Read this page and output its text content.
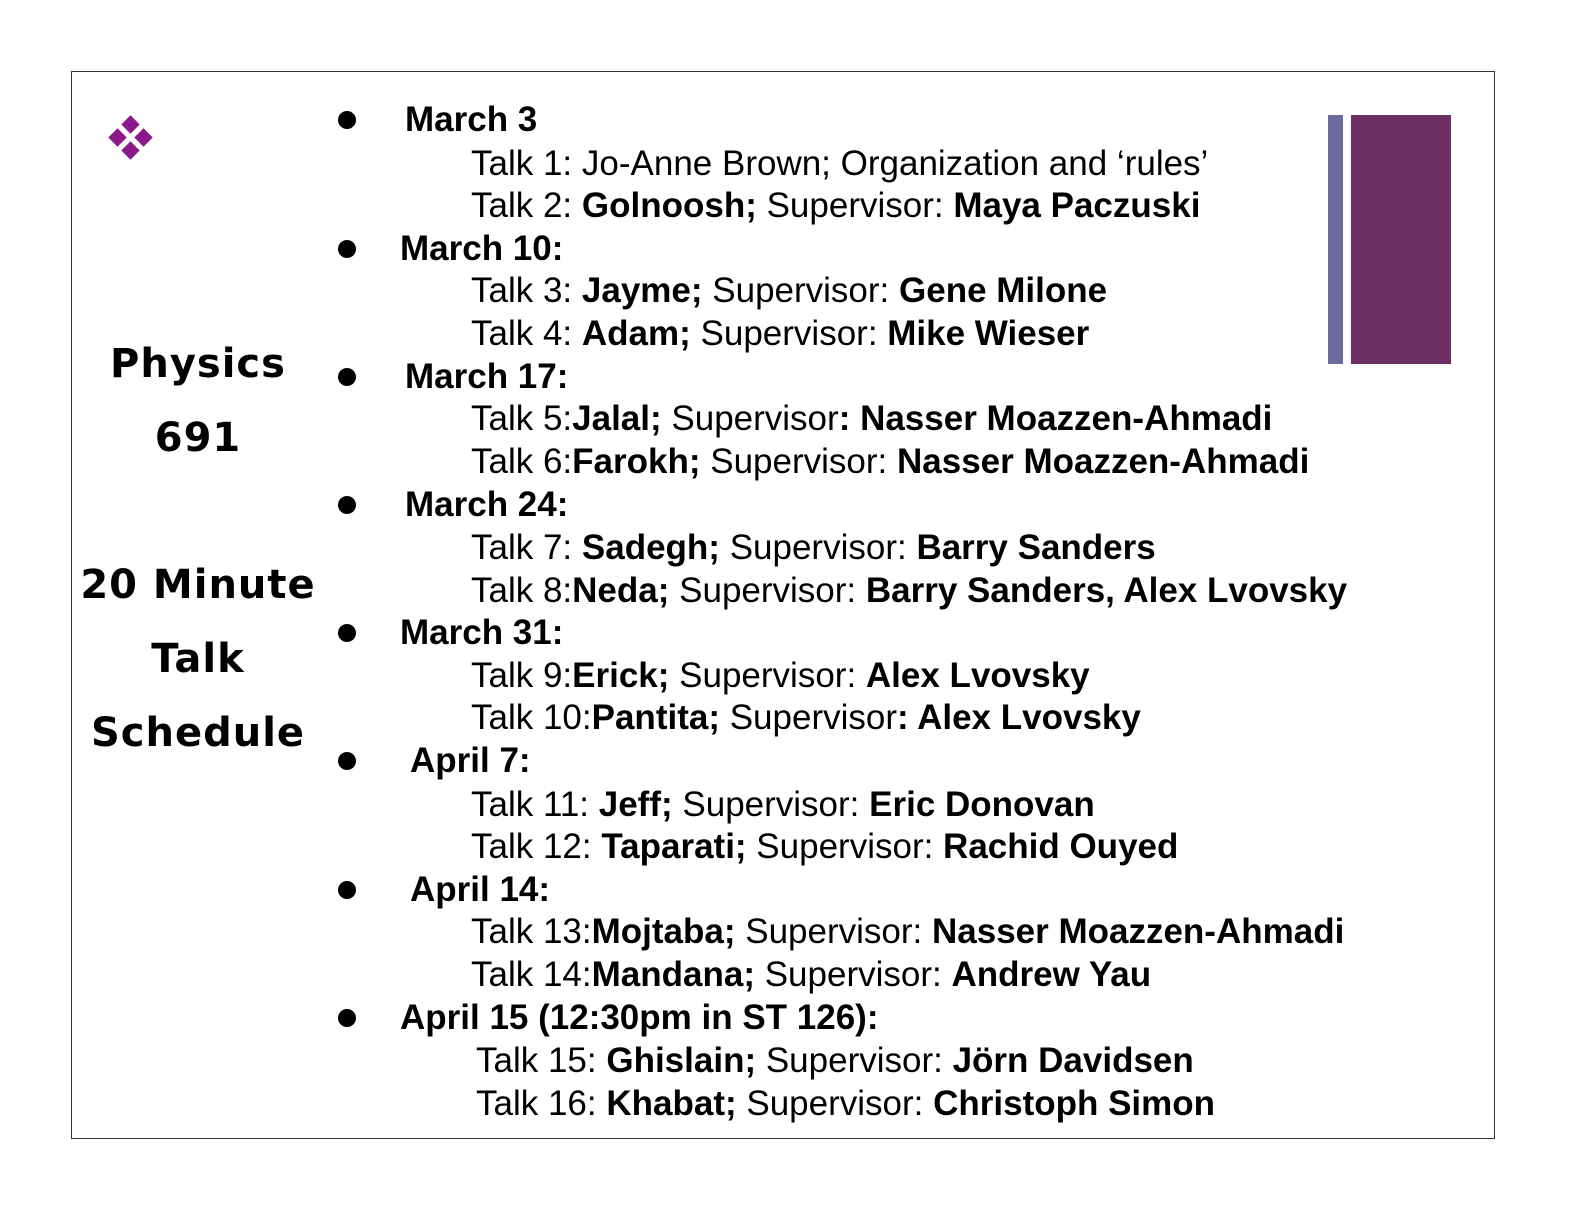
Physics
691
20 Minute
Talk
Schedule
March 3
Talk 1: Jo-Anne Brown; Organization and ‘rules’
Talk 2: Golnoosh; Supervisor: Maya Paczuski
March 10:
Talk 3: Jayme; Supervisor: Gene Milone
Talk 4: Adam; Supervisor: Mike Wieser
March 17:
Talk 5:Jalal; Supervisor: Nasser Moazzen-Ahmadi
Talk 6:Farokh; Supervisor: Nasser Moazzen-Ahmadi
March 24:
Talk 7: Sadegh; Supervisor: Barry Sanders
Talk 8:Neda; Supervisor: Barry Sanders, Alex Lvovsky
March 31:
Talk 9:Erick; Supervisor: Alex Lvovsky
Talk 10:Pantita; Supervisor: Alex Lvovsky
April 7:
Talk 11: Jeff; Supervisor: Eric Donovan
Talk 12: Taparati; Supervisor: Rachid Ouyed
April 14:
Talk 13:Mojtaba; Supervisor: Nasser Moazzen-Ahmadi
Talk 14:Mandana; Supervisor: Andrew Yau
April 15 (12:30pm in ST 126):
Talk 15: Ghislain; Supervisor: Jörn Davidsen
Talk 16: Khabat; Supervisor: Christoph Simon
